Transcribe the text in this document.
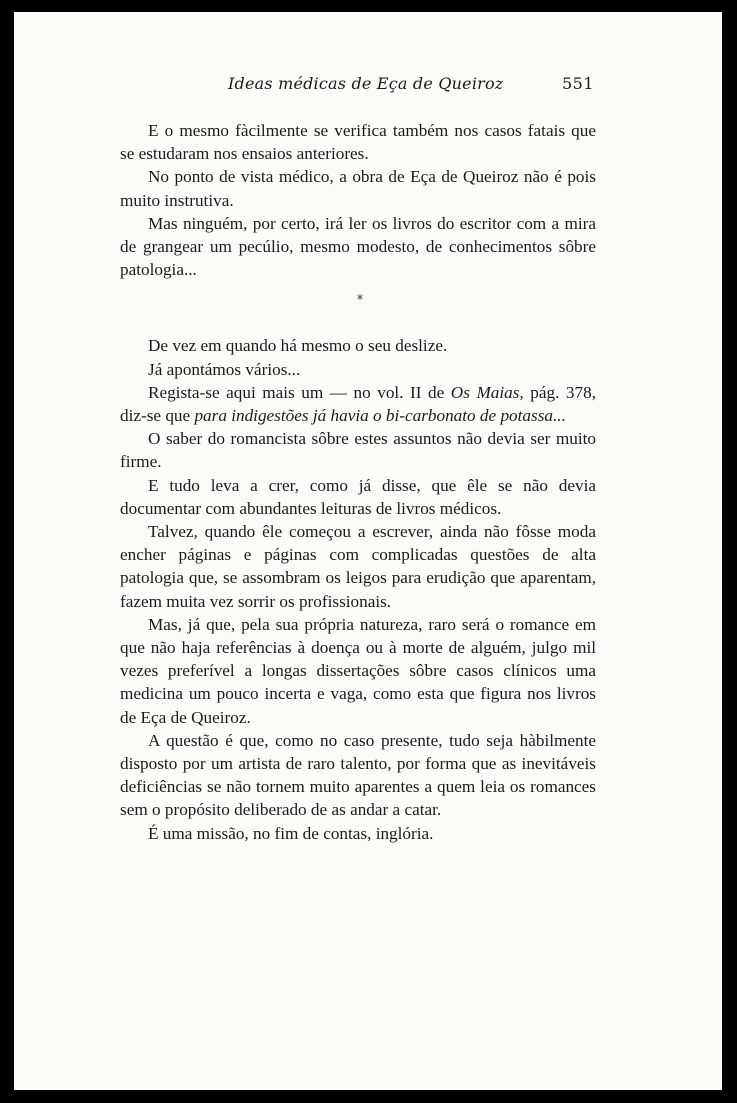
Ideas médicas de Eça de Queiroz	551

E o mesmo fàcilmente se verifica também nos casos fatais que se estudaram nos ensaios anteriores.

No ponto de vista médico, a obra de Eça de Queiroz não é pois muito instrutiva.

Mas ninguém, por certo, irá ler os livros do escritor com a mira de grangear um pecúlio, mesmo modesto, de conhecimentos sôbre patologia...

*

De vez em quando há mesmo o seu deslize.

Já apontámos vários...

Regista-se aqui mais um — no vol. II de Os Maias, pág. 378, diz-se que para indigestões já havia o bi-carbonato de potassa...

O saber do romancista sôbre estes assuntos não devia ser muito firme.

E tudo leva a crer, como já disse, que êle se não devia documentar com abundantes leituras de livros médicos.

Talvez, quando êle começou a escrever, ainda não fôsse moda encher páginas e páginas com complicadas questões de alta patologia que, se assombram os leigos para erudição que aparentam, fazem muita vez sorrir os profissionais.

Mas, já que, pela sua própria natureza, raro será o romance em que não haja referências à doença ou à morte de alguém, julgo mil vezes preferível a longas dissertações sôbre casos clínicos uma medicina um pouco incerta e vaga, como esta que figura nos livros de Eça de Queiroz.

A questão é que, como no caso presente, tudo seja hàbilmente disposto por um artista de raro talento, por forma que as inevitáveis deficiências se não tornem muito aparentes a quem leia os romances sem o propósito deliberado de as andar a catar.

É uma missão, no fim de contas, inglória.
